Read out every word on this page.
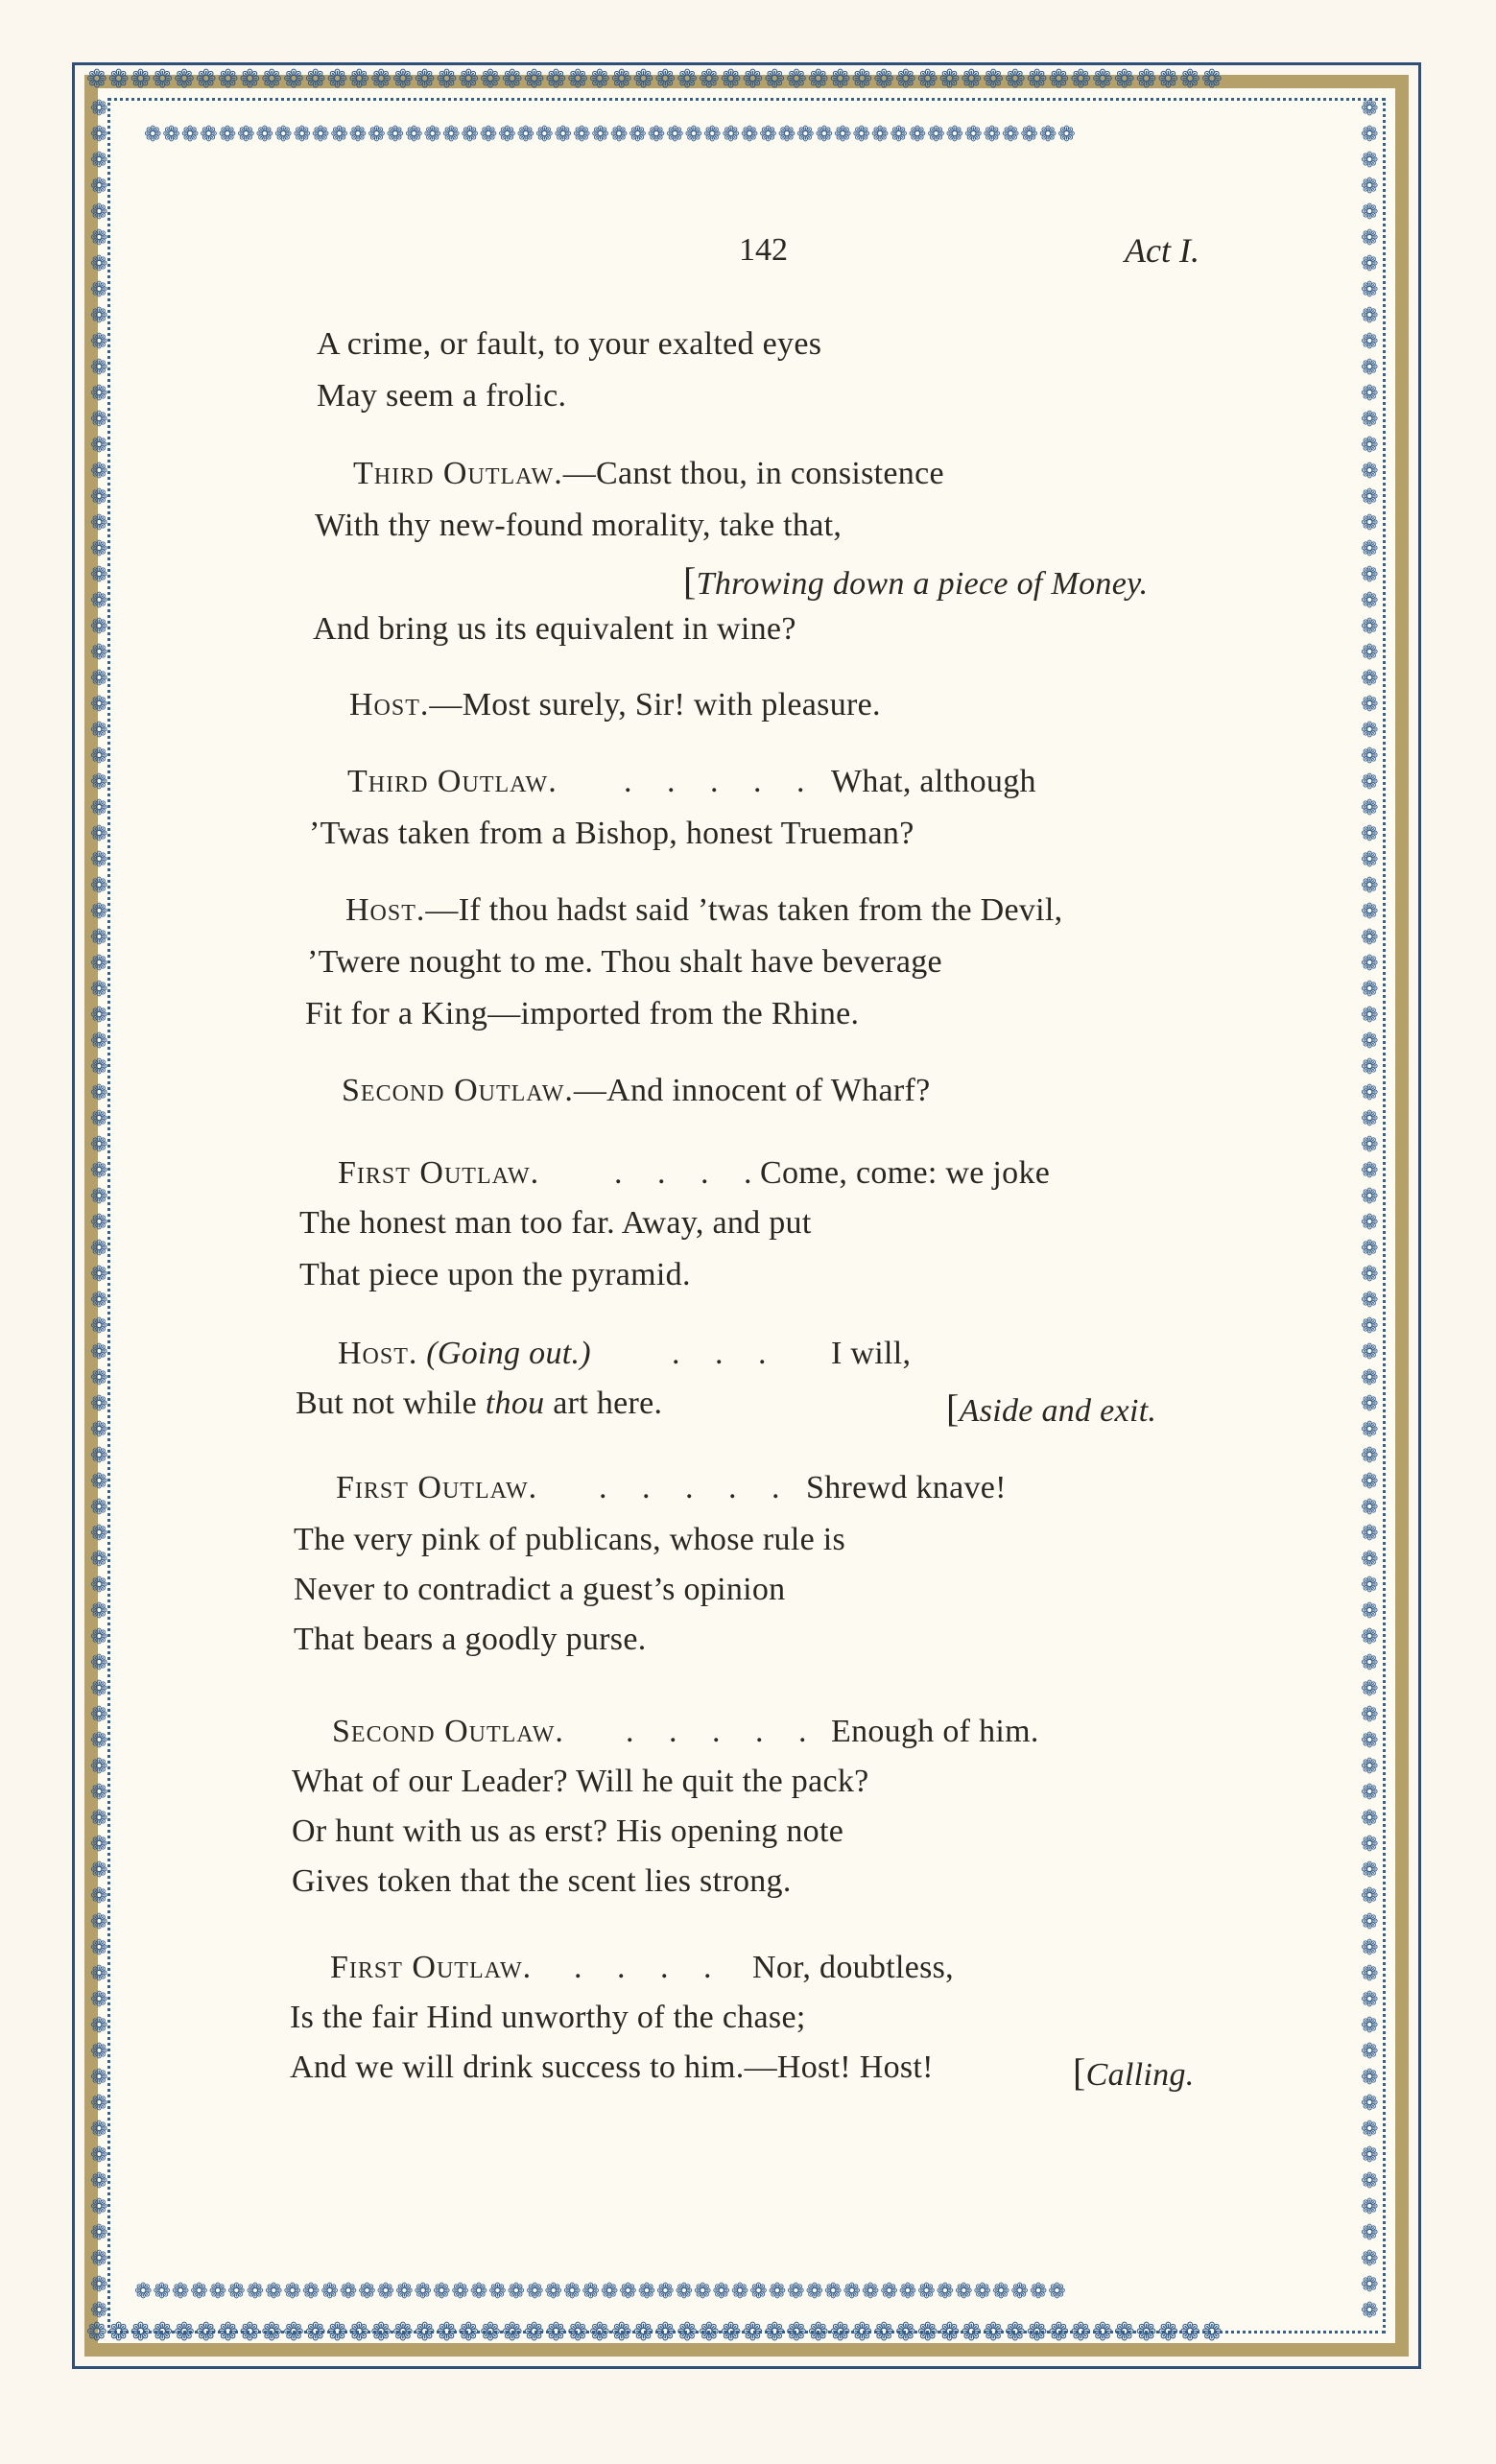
❁❁❁❁❁❁❁❁❁❁❁❁❁❁❁❁❁❁❁❁❁❁❁❁❁❁❁❁❁❁❁❁❁❁❁❁❁❁❁❁❁❁❁❁❁❁❁❁❁❁❁❁
❁❁❁❁❁❁❁❁❁❁❁❁❁❁❁❁❁❁❁❁❁❁❁❁❁❁❁❁❁❁❁❁❁❁❁❁❁❁❁❁❁❁❁❁❁❁❁❁❁❁
❁❁❁❁❁❁❁❁❁❁❁❁❁❁❁❁❁❁❁❁❁❁❁❁❁❁❁❁❁❁❁❁❁❁❁❁❁❁❁❁❁❁❁❁❁❁❁❁❁❁❁❁
❁❁❁❁❁❁❁❁❁❁❁❁❁❁❁❁❁❁❁❁❁❁❁❁❁❁❁❁❁❁❁❁❁❁❁❁❁❁❁❁❁❁❁❁❁❁❁❁❁❁
❁❁❁❁❁❁❁❁❁❁❁❁❁❁❁❁❁❁❁❁❁❁❁❁❁❁❁❁❁❁❁❁❁❁❁❁❁❁❁❁❁❁❁❁❁❁❁❁❁❁❁❁❁❁❁❁❁❁❁❁❁❁❁❁❁❁❁❁❁❁❁❁❁❁❁❁❁❁❁❁❁❁❁❁❁❁
❁❁❁❁❁❁❁❁❁❁❁❁❁❁❁❁❁❁❁❁❁❁❁❁❁❁❁❁❁❁❁❁❁❁❁❁❁❁❁❁❁❁❁❁❁❁❁❁❁❁❁❁❁❁❁❁❁❁❁❁❁❁❁❁❁❁❁❁❁❁❁❁❁❁❁❁❁❁❁❁❁❁❁❁❁❁
142	Act I.
A crime, or fault, to your exalted eyes
May seem a frolic.
Third Outlaw.—Canst thou, in consistence
With thy new-found morality, take that,
[Throwing down a piece of Money.
And bring us its equivalent in wine?
Host.—Most surely, Sir! with pleasure.
Third Outlaw. . . . . . What, although
’Twas taken from a Bishop, honest Trueman?
Host.—If thou hadst said ’twas taken from the Devil,
’Twere nought to me. Thou shalt have beverage
Fit for a King—imported from the Rhine.
Second Outlaw.—And innocent of Wharf?
First Outlaw. . . . .
Come, come: we joke
The honest man too far. Away, and put
That piece upon the pyramid.
Host. (Going out.) . . . I will,
But not while thou art here.	[Aside and exit.
First Outlaw. . . . . . Shrewd knave!
The very pink of publicans, whose rule is
Never to contradict a guest’s opinion
That bears a goodly purse.
Second Outlaw. . . . . . Enough of him.
What of our Leader? Will he quit the pack?
Or hunt with us as erst? His opening note
Gives token that the scent lies strong.
First Outlaw. . . . . Nor, doubtless,
Is the fair Hind unworthy of the chase;
And we will drink success to him.—Host! Host!	[Calling.
